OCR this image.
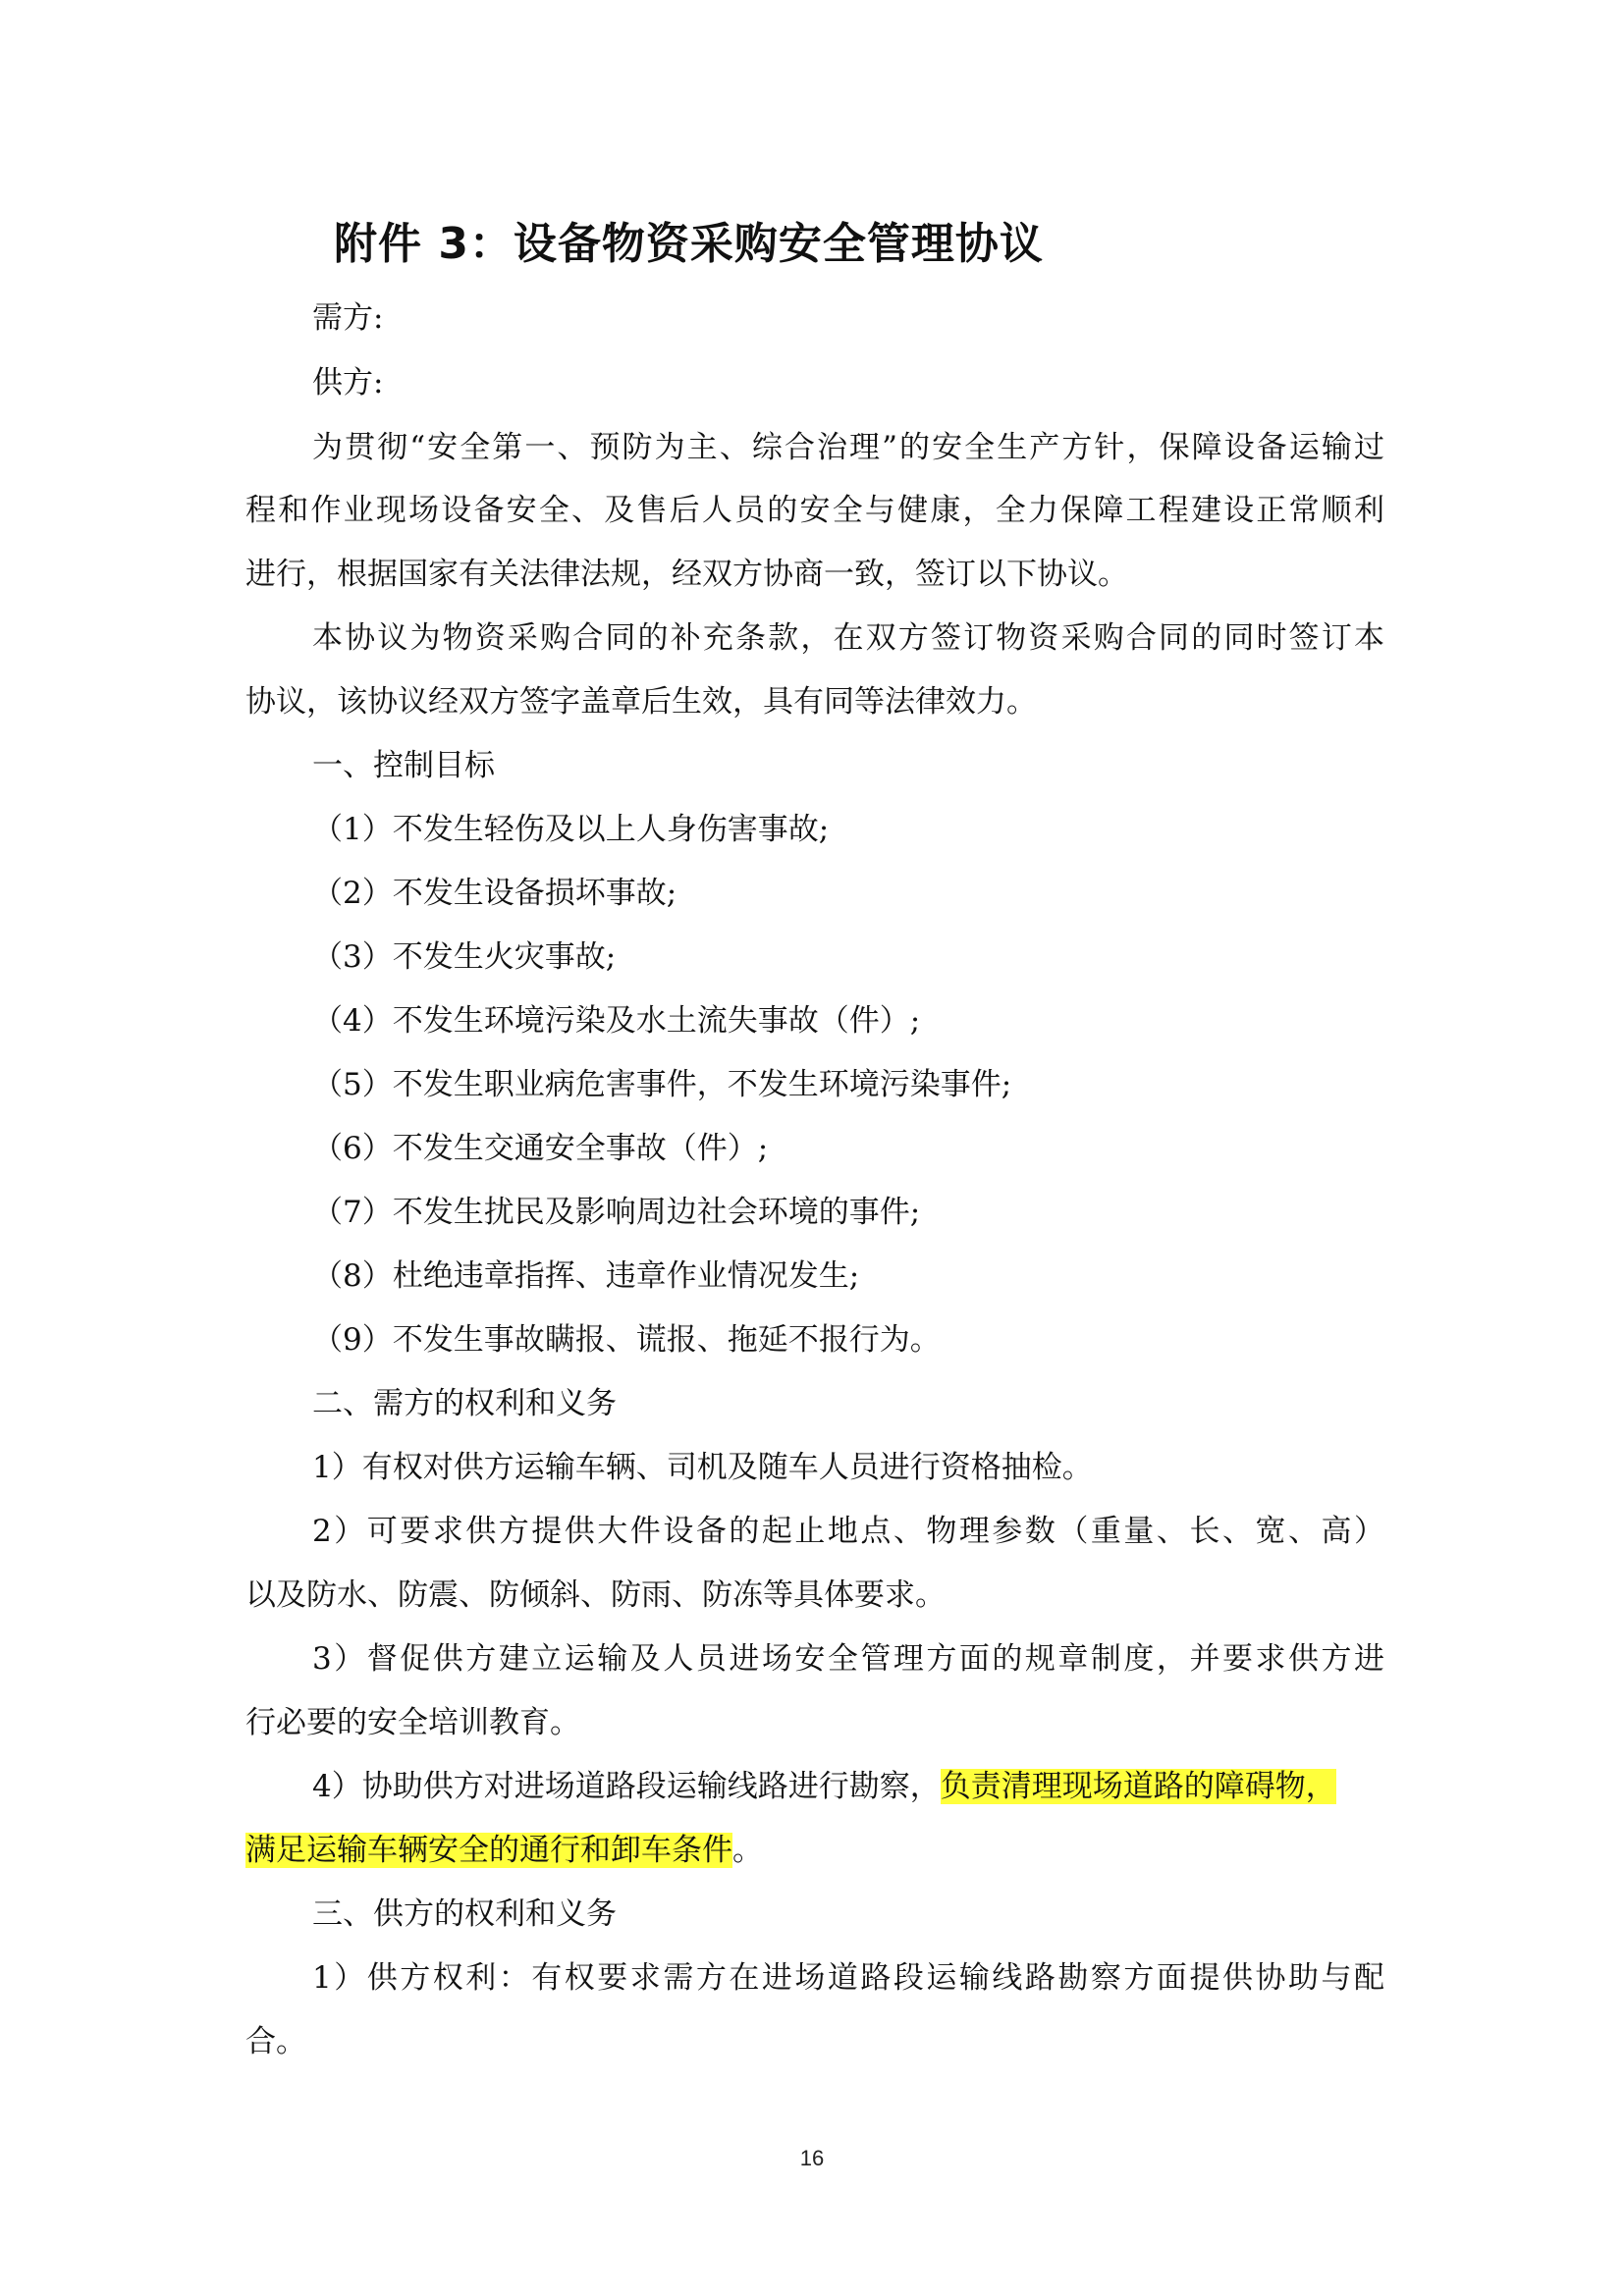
附件 3：设备物资采购安全管理协议
需方:
供方:
为贯彻“安全第一、预防为主、综合治理”的安全生产方针，保障设备运输过
程和作业现场设备安全、及售后人员的安全与健康，全力保障工程建设正常顺利
进行，根据国家有关法律法规，经双方协商一致，签订以下协议。
本协议为物资采购合同的补充条款，在双方签订物资采购合同的同时签订本
协议，该协议经双方签字盖章后生效，具有同等法律效力。
一、控制目标
（1）不发生轻伤及以上人身伤害事故;
（2）不发生设备损坏事故;
（3）不发生火灾事故;
（4）不发生环境污染及水土流失事故（件）;
（5）不发生职业病危害事件，不发生环境污染事件;
（6）不发生交通安全事故（件）;
（7）不发生扰民及影响周边社会环境的事件;
（8）杜绝违章指挥、违章作业情况发生;
（9）不发生事故瞒报、谎报、拖延不报行为。
二、需方的权利和义务
1）有权对供方运输车辆、司机及随车人员进行资格抽检。
2）可要求供方提供大件设备的起止地点、物理参数（重量、长、宽、高）
以及防水、防震、防倾斜、防雨、防冻等具体要求。
3）督促供方建立运输及人员进场安全管理方面的规章制度，并要求供方进
行必要的安全培训教育。
4）协助供方对进场道路段运输线路进行勘察，负责清理现场道路的障碍物，
满足运输车辆安全的通行和卸车条件。
三、供方的权利和义务
1）供方权利：有权要求需方在进场道路段运输线路勘察方面提供协助与配
合。
16
